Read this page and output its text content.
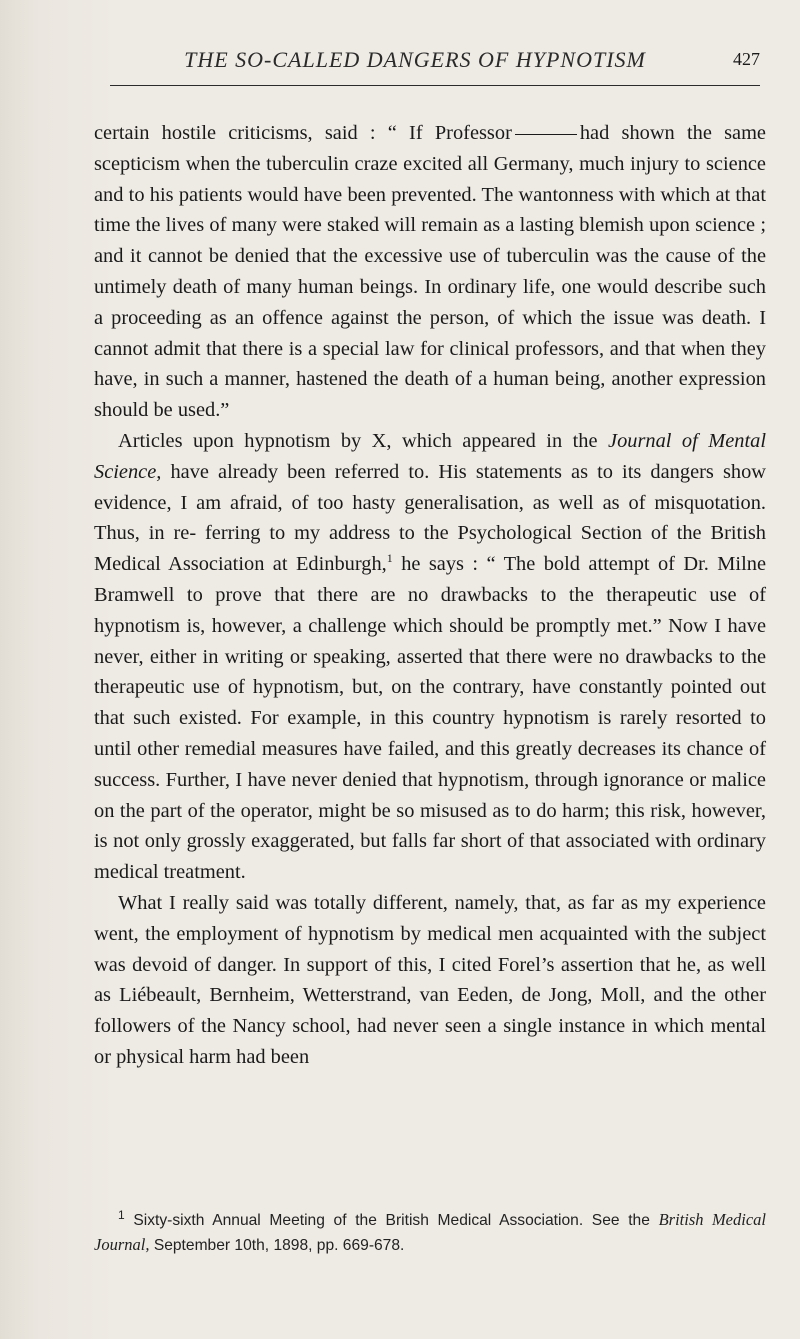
THE SO-CALLED DANGERS OF HYPNOTISM	427

certain hostile criticisms, said : “ If Professor	had shown the same scepticism when the tuberculin craze excited all Germany, much injury to science and to his patients would have been prevented. The wantonness with which at that time the lives of many were staked will remain as a lasting blemish upon science ; and it cannot be denied that the excessive use of tuberculin was the cause of the untimely death of many human beings. In ordinary life, one would describe such a proceeding as an offence against the person, of which the issue was death. I cannot admit that there is a special law for clinical professors, and that when they have, in such a manner, hastened the death of a human being, another expression should be used.”

Articles upon hypnotism by X, which appeared in the Journal of Mental Science, have already been referred to. His statements as to its dangers show evidence, I am afraid, of too hasty generalisation, as well as of misquotation. Thus, in re- ferring to my address to the Psychological Section of the British Medical Association at Edinburgh,$^1$ he says : “ The bold attempt of Dr. Milne Bramwell to prove that there are no drawbacks to the therapeutic use of hypnotism is, however, a challenge which should be promptly met.” Now I have never, either in writing or speaking, asserted that there were no drawbacks to the therapeutic use of hypnotism, but, on the contrary, have constantly pointed out that such existed. For example, in this country hypnotism is rarely resorted to until other remedial measures have failed, and this greatly decreases its chance of success. Further, I have never denied that hypnotism, through ignorance or malice on the part of the operator, might be so misused as to do harm; this risk, however, is not only grossly exaggerated, but falls far short of that associated with ordinary medical treatment.

What I really said was totally different, namely, that, as far as my experience went, the employment of hypnotism by medical men acquainted with the subject was devoid of danger. In support of this, I cited Forel’s assertion that he, as well as Liébeault, Bernheim, Wetterstrand, van Eeden, de Jong, Moll, and the other followers of the Nancy school, had never seen a single instance in which mental or physical harm had been

$^1$ Sixty-sixth Annual Meeting of the British Medical Association. See the British Medical Journal, September 10th, 1898, pp. 669-678.
